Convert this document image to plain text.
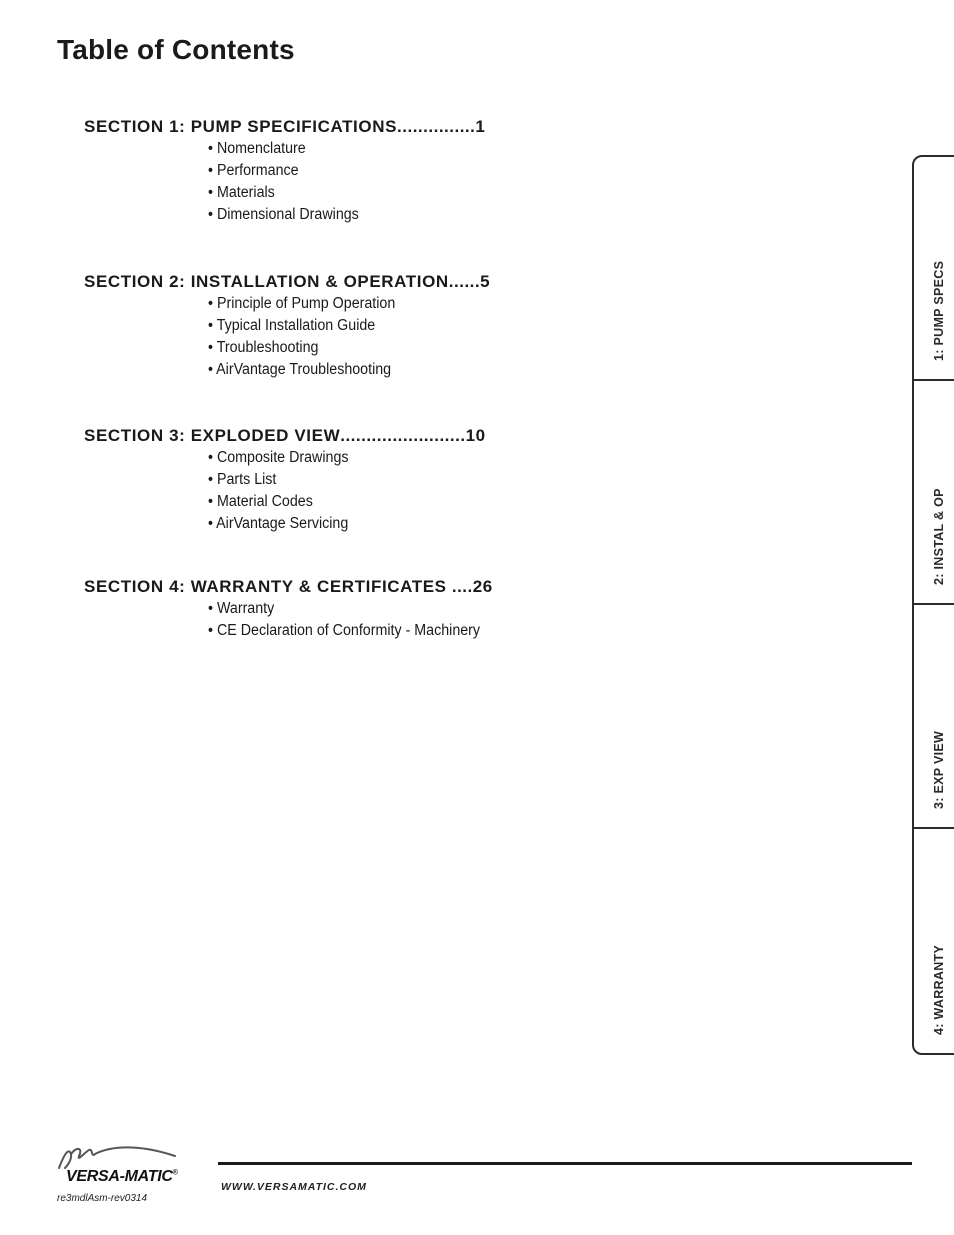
Table of Contents
SECTION 1: PUMP SPECIFICATIONS...............1
• Nomenclature
• Performance
• Materials
• Dimensional Drawings
SECTION 2: INSTALLATION & OPERATION......5
• Principle of Pump Operation
• Typical Installation Guide
• Troubleshooting
• AirVantage Troubleshooting
SECTION 3: EXPLODED VIEW........................10
• Composite Drawings
• Parts List
• Material Codes
• AirVantage Servicing
SECTION 4: WARRANTY & CERTIFICATES ....26
• Warranty
• CE Declaration of Conformity - Machinery
1: PUMP SPECS
2: INSTAL & OP
3: EXP VIEW
4: WARRANTY
VERSA-MATIC®
re3mdlAsm-rev0314
WWW.VERSAMATIC.COM
